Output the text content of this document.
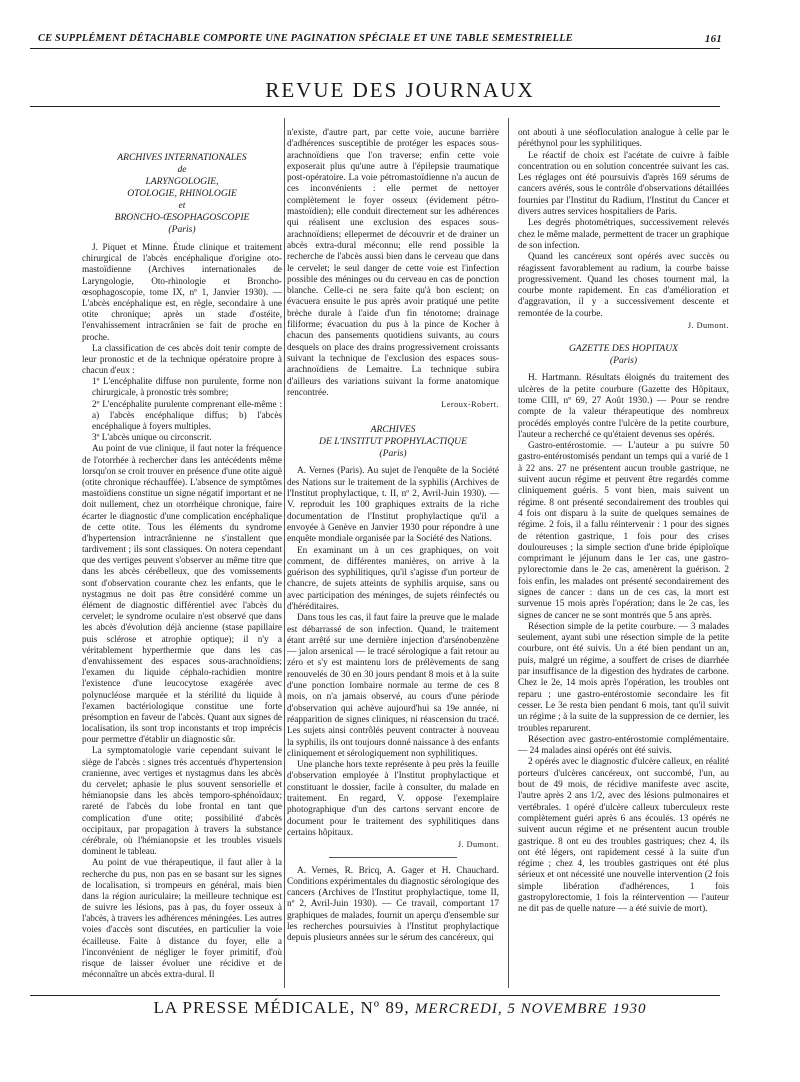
CE SUPPLÉMENT DÉTACHABLE COMPORTE UNE PAGINATION SPÉCIALE ET UNE TABLE SEMESTRIELLE	161
REVUE DES JOURNAUX
ARCHIVES INTERNATIONALES
de
LARYNGOLOGIE,
OTOLOGIE, RHINOLOGIE
et
BRONCHO-ŒSOPHAGOSCOPIE
(Paris)

J. Piquet et Minne. Étude clinique et traitement chirurgical de l'abcès encéphalique d'origine oto-mastoïdienne (Archives internationales de Laryngologie, Oto-rhinologie et Broncho-œsophagoscopie, tome IX, nº 1, Janvier 1930). — L'abcès encéphalique est, en règle, secondaire à une otite chronique; après un stade d'ostéite, l'envahissement intracrânien se fait de proche en proche.

La classification de ces abcès doit tenir compte de leur pronostic et de la technique opératoire propre à chacun d'eux :

1º L'encéphalite diffuse non purulente, forme non chirurgicale, à pronostic très sombre;

2º L'encéphalite purulente comprenant elle-même : a) l'abcès encéphalique diffus; b) l'abcès encéphalique à foyers multiples.

3º L'abcès unique ou circonscrit.

Au point de vue clinique, il faut noter la fréquence de l'otorrhée à rechercher dans les antécédents même lorsqu'on se croit trouver en présence d'une otite aiguë (otite chronique réchauffée). L'absence de symptômes mastoïdiens constitue un signe négatif important et ne doit nullement, chez un otorrhéique chronique, faire écarter le diagnostic d'une complication encéphalique de cette otite. Tous les éléments du syndrome d'hypertension intracrânienne ne s'installent que tardivement ; ils sont classiques. On notera cependant que des vertiges peuvent s'observer au même titre que dans les abcès cérébelleux, que des vomissements sont d'observation courante chez les enfants, que le nystagmus ne doit pas être considéré comme un élément de diagnostic différentiel avec l'abcès du cervelet; le syndrome oculaire n'est observé que dans les abcès d'évolution déjà ancienne (stase papillaire puis sclérose et atrophie optique); il n'y a véritablement hyperthermie que dans les cas d'envahissement des espaces sous-arachnoïdiens; l'examen du liquide céphalo-rachidien montre l'existence d'une leucocytose exagérée avec polynucléose marquée et la stérilité du liquide à l'examen bactériologique constitue une forte présomption en faveur de l'abcès. Quant aux signes de localisation, ils sont trop inconstants et trop imprécis pour permettre d'établir un diagnostic sûr.

La symptomatologie varie cependant suivant le siège de l'abcès : signes très accentués d'hypertension cranienne, avec vertiges et nystagmus dans les abcès du cervelet; aphasie le plus souvent sensorielle et hémianopsie dans les abcès temporo-sphénoïdaux; rareté de l'abcès du lobe frontal en tant que complication d'une otite; possibilité d'abcès occipitaux, par propagation à travers la substance cérébrale, où l'hémianopsie et les troubles visuels dominent le tableau.

Au point de vue thérapeutique, il faut aller à la recherche du pus, non pas en se basant sur les signes de localisation, si trompeurs en général, mais bien dans la région auriculaire; la meilleure technique est de suivre les lésions, pas à pas, du foyer osseux à l'abcès, à travers les adhérences méningées. Les autres voies d'accès sont discutées, en particulier la voie écailleuse. Faite à distance du foyer, elle a l'inconvénient de négliger le foyer primitif, d'où risque de laisser évoluer une récidive et de méconnaître un abcès extra-dural. Il

n'existe, d'autre part, par cette voie, aucune barrière d'adhérences susceptible de protéger les espaces sous-arachnoïdiens que l'on traverse; enfin cette voie exposerait plus qu'une autre à l'épilepsie traumatique post-opératoire. La voie pétromastoïdienne n'a aucun de ces inconvénients : elle permet de nettoyer complètement le foyer osseux (évidement pétro-mastoïdien); elle conduit directement sur les adhérences qui réalisent une exclusion des espaces sous-arachnoïdiens; ellepermet de découvrir et de drainer un abcès extra-dural méconnu; elle rend possible la recherche de l'abcès aussi bien dans le cerveau que dans le cervelet; le seul danger de cette voie est l'infection possible des méninges ou du cerveau en cas de ponction blanche. Celle-ci ne sera faite qu'à bon escient; on évacuera ensuite le pus après avoir pratiqué une petite brèche durale à l'aide d'un fin ténotome; drainage filiforme; évacuation du pus à la pince de Kocher à chacun des pansements quotidiens suivants, au cours desquels on place des drains progressivement croissants suivant la technique de l'exclusion des espaces sous-arachnoïdiens de Lemaitre. La technique subira d'ailleurs des variations suivant la forme anatomique rencontrée.

Leroux-Robert.
ARCHIVES
DE L'INSTITUT PROPHYLACTIQUE
(Paris)

A. Vernes (Paris). Au sujet de l'enquête de la Société des Nations sur le traitement de la syphilis (Archives de l'Institut prophylactique, t. II, nº 2, Avril-Juin 1930). — V. reproduit les 100 graphiques extraits de la riche documentation de l'Institut prophylactique qu'il a envoyée à Genève en Janvier 1930 pour répondre à une enquête mondiale organisée par la Société des Nations.

En examinant un à un ces graphiques, on voit comment, de différentes manières, on arrive à la guérison des syphilitiques, qu'il s'agisse d'un porteur de chancre, de sujets atteints de syphilis arquise, sans ou avec participation des méninges, de sujets réinfectés ou d'héréditaires.

Dans tous les cas, il faut faire la preuve que le malade est débarrassé de son infection. Quand, le traitement étant arrêté sur une dernière injection d'arsénobenzène — jalon arsenical — le tracé sérologique a fait retour au zéro et s'y est maintenu lors de prélèvements de sang renouvelés de 30 en 30 jours pendant 8 mois et à la suite d'une ponction lombaire normale au terme de ces 8 mois, on n'a jamais observé, au cours d'une période d'observation qui achève aujourd'hui sa 19e année, ni réapparition de signes cliniques, ni réascension du tracé. Les sujets ainsi contrôlés peuvent contracter à nouveau la syphilis, ils ont toujours donné naissance à des enfants cliniquement et sérologiquement non syphilitiques.

Une planche hors texte représente à peu près la feuille d'observation employée à l'Institut prophylactique et constituant le dossier, facile à consulter, du malade en traitement. En regard, V. oppose l'exemplaire photographique d'un des cartons servant encore de document pour le traitement des syphilitiques dans certains hôpitaux.

J. Dumont.

A. Vernes, R. Bricq, A. Gager et H. Chauchard. Conditions expérimentales du diagnostic sérologique des cancers (Archives de l'Institut prophylactique, tome II, nº 2, Avril-Juin 1930). — Ce travail, comportant 17 graphiques de malades, fournit un aperçu d'ensemble sur les recherches poursuivies à l'Institut prophylactique depuis plusieurs années sur le sérum des cancéreux, qui

ont abouti à une séofloculation analogue à celle par le péréthynol pour les syphilitiques.

Le réactif de choix est l'acétate de cuivre à faible concentration ou en solution concentrée suivant les cas. Les réglages ont été poursuivis d'après 169 sérums de cancers avérés, sous le contrôle d'observations détaillées fournies par l'Institut du Radium, l'Institut du Cancer et divers autres services hospitaliers de Paris.

Les degrés photométriques, successivement relevés chez le même malade, permettent de tracer un graphique de son infection.

Quand les cancéreux sont opérés avec succès ou réagissent favorablement au radium, la courbe baisse progressivement. Quand les choses tournent mal, la courbe monte rapidement. En cas d'amélioration et d'aggravation, il y a successivement descente et remontée de la courbe.

J. Dumont.
GAZETTE DES HOPITAUX
(Paris)

H. Hartmann. Résultats éloignés du traitement des ulcères de la petite courbure (Gazette des Hôpitaux, tome CIII, nº 69, 27 Août 1930.) — Pour se rendre compte de la valeur thérapeutique des nombreux procédés employés contre l'ulcère de la petite courbure, l'auteur a recherché ce qu'étaient devenus ses opérés.

Gastro-entérostomie. — L'auteur a pu suivre 50 gastro-entérostomisés pendant un temps qui a varié de 1 à 22 ans. 27 ne présentent aucun trouble gastrique, ne suivent aucun régime et peuvent être regardés comme cliniquement guéris. 5 vont bien, mais suivent un régime. 8 ont présenté secondairement des troubles qui 4 fois ont disparu à la suite de quelques semaines de régime. 2 fois, il a fallu réintervenir : 1 pour des signes de rétention gastrique, 1 fois pour des crises douloureuses ; la simple section d'une bride épiploïque comprimant le jéjunum dans le 1er cas, une gastro-pylorectomie dans le 2e cas, amenèrent la guérison. 2 fois enfin, les malades ont présenté secondairement des signes de cancer : dans un de ces cas, la mort est survenue 15 mois après l'opération; dans le 2e cas, les signes de cancer ne se sont montrés que 5 ans après.

Résection simple de la petite courbure. — 3 malades seulement, ayant subi une résection simple de la petite courbure, ont été suivis. Un a été bien pendant un an, puis, malgré un régime, a souffert de crises de diarrhée par insuffisance de la digestion des hydrates de carbone. Chez le 2e, 14 mois après l'opération, les troubles ont reparu ; une gastro-entérostomie secondaire les fit cesser. Le 3e resta bien pendant 6 mois, tant qu'il suivit un régime ; à la suite de la suppression de ce dernier, les troubles reparurent.

Résection avec gastro-entérostomie complémentaire. — 24 malades ainsi opérés ont été suivis.

2 opérés avec le diagnostic d'ulcère calleux, en réalité porteurs d'ulcères cancéreux, ont succombé, l'un, au bout de 49 mois, de récidive manifeste avec ascite, l'autre après 2 ans 1/2, avec des lésions pulmonaires et vertébrales. 1 opéré d'ulcère calleux tuberculeux reste complètement guéri après 6 ans écoulés. 13 opérés ne suivent aucun régime et ne présentent aucun trouble gastrique. 8 ont eu des troubles gastriques; chez 4, ils ont été légers, ont rapidement cessé à la suite d'un régime ; chez 4, les troubles gastriques ont été plus sérieux et ont nécessité une nouvelle intervention (2 fois simple libération d'adhérences, 1 fois gastropylorectomie, 1 fois la réintervention — l'auteur ne dit pas de quelle nature — a été suivie de mort).

LA PRESSE MÉDICALE, Nº 89, MERCREDI, 5 NOVEMBRE 1930
